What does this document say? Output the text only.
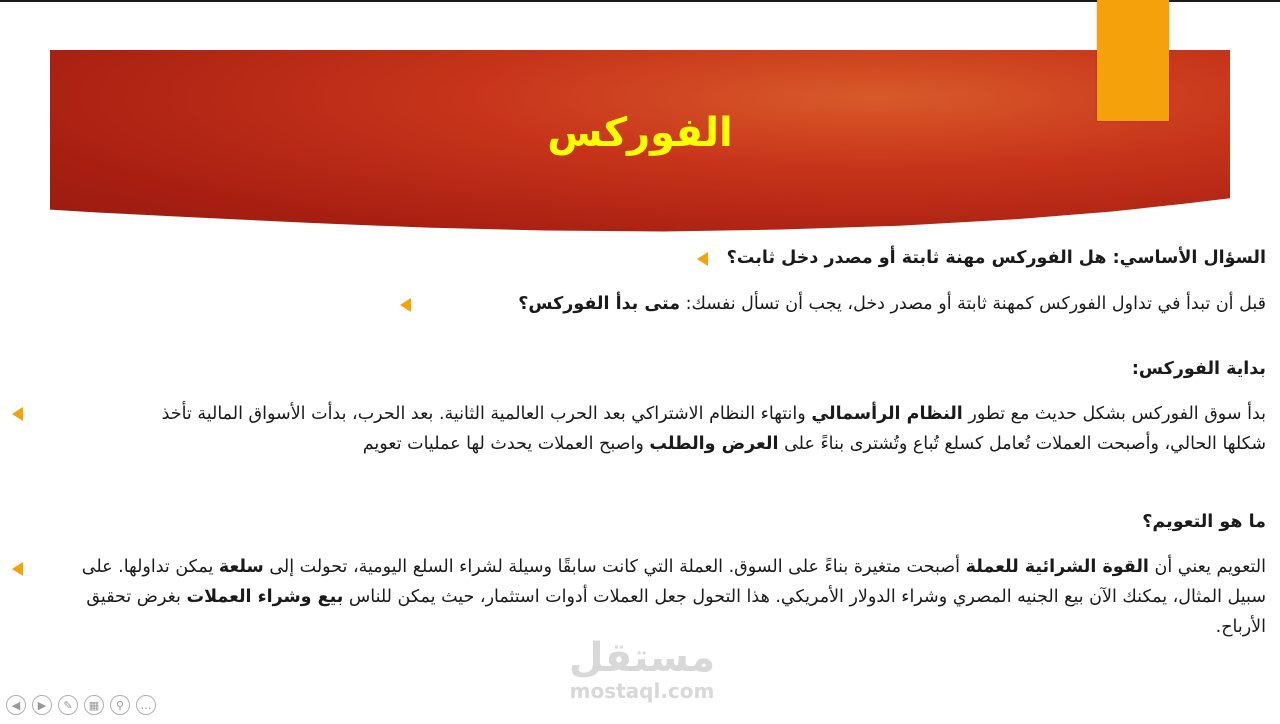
الفوركس
السؤال الأساسي: هل الفوركس مهنة ثابتة أو مصدر دخل ثابت؟
قبل أن تبدأ في تداول الفوركس كمهنة ثابتة أو مصدر دخل، يجب أن تسأل نفسك: متى بدأ الفوركس؟
بداية الفوركس:
بدأ سوق الفوركس بشكل حديث مع تطور النظام الرأسمالي وانتهاء النظام الاشتراكي بعد الحرب العالمية الثانية. بعد الحرب، بدأت الأسواق المالية تأخذ شكلها الحالي، وأصبحت العملات تُعامل كسلع تُباع وتُشترى بناءً على العرض والطلب واصبح العملات يحدث لها عمليات تعويم
ما هو التعويم؟
التعويم يعني أن القوة الشرائية للعملة أصبحت متغيرة بناءً على السوق. العملة التي كانت سابقًا وسيلة لشراء السلع اليومية، تحولت إلى سلعة يمكن تداولها. على سبيل المثال، يمكنك الآن بيع الجنيه المصري وشراء الدولار الأمريكي. هذا التحول جعل العملات أدوات استثمار، حيث يمكن للناس بيع وشراء العملات بغرض تحقيق الأرباح.
مستقل
mostaql.com
◀	▶	✎	▦	⚲	…
